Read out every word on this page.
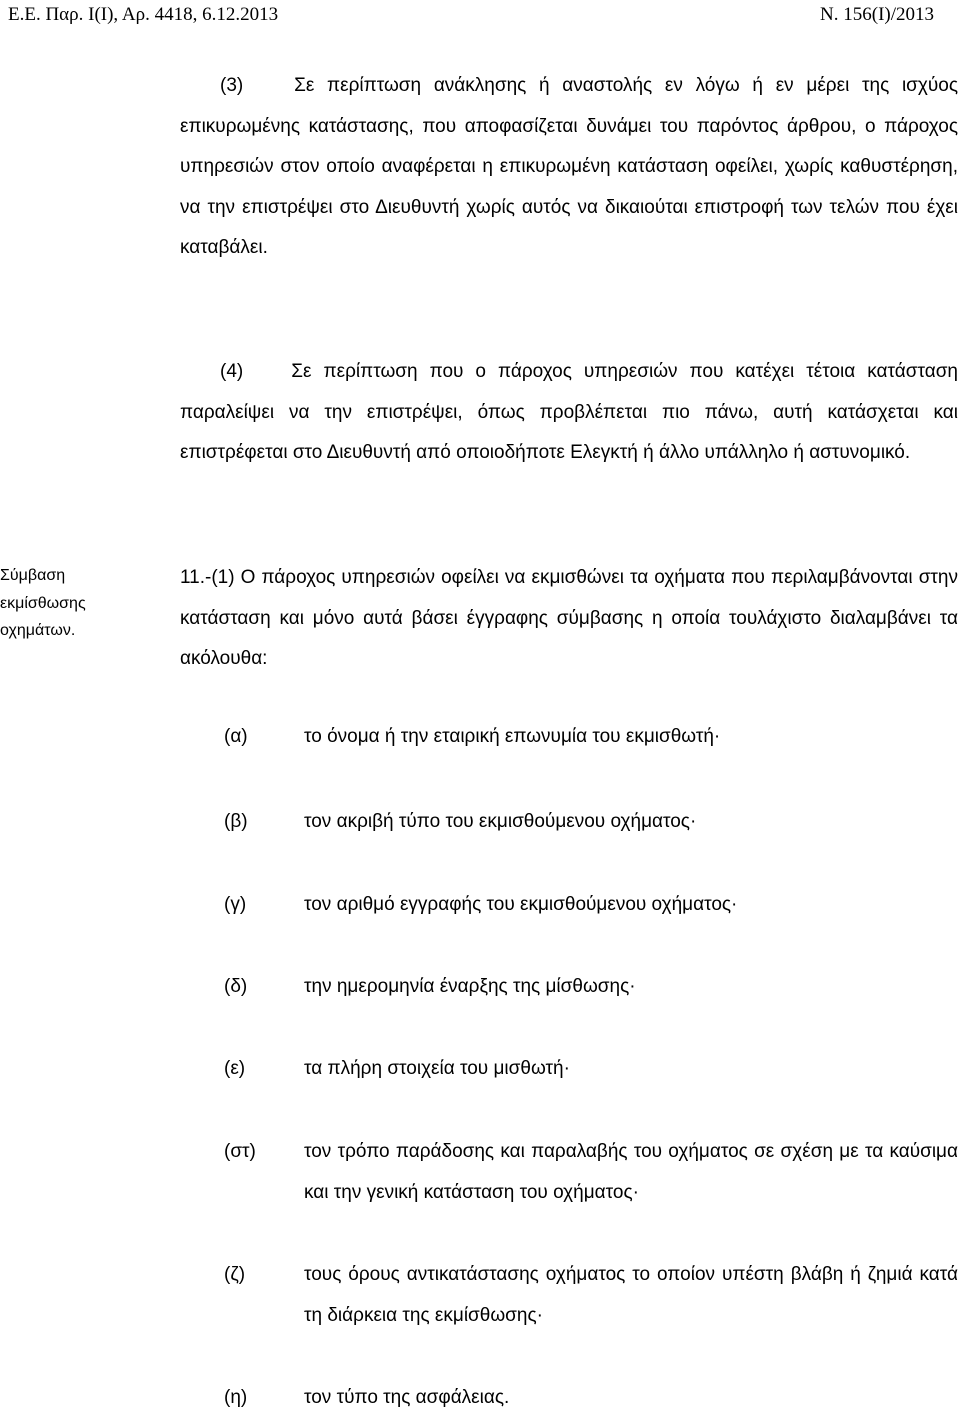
Ε.Ε. Παρ. Ι(Ι), Αρ. 4418, 6.12.2013	Ν. 156(Ι)/2013

(3)    Σε περίπτωση ανάκλησης ή αναστολής εν λόγω ή εν μέρει της ισχύος επικυρωμένης κατάστασης, που αποφασίζεται δυνάμει του παρόντος άρθρου, ο πάροχος υπηρεσιών στον οποίο αναφέρεται η επικυρωμένη κατάσταση οφείλει, χωρίς καθυστέρηση, να την επιστρέψει στο Διευθυντή χωρίς αυτός να δικαιούται επιστροφή των τελών που έχει καταβάλει.

(4)    Σε περίπτωση που ο πάροχος υπηρεσιών που κατέχει τέτοια κατάσταση παραλείψει να την επιστρέψει, όπως προβλέπεται πιο πάνω, αυτή κατάσχεται και επιστρέφεται στο Διευθυντή από οποιοδήποτε Ελεγκτή ή άλλο υπάλληλο ή αστυνομικό.

Σύμβαση εκμίσθωσης οχημάτων.

11.-(1) Ο πάροχος υπηρεσιών οφείλει να εκμισθώνει τα οχήματα που περιλαμβάνονται στην κατάσταση και μόνο αυτά βάσει έγγραφης σύμβασης η οποία τουλάχιστο διαλαμβάνει τα ακόλουθα:

(α)	το όνομα ή την εταιρική επωνυμία του εκμισθωτή·

(β)	τον ακριβή τύπο του εκμισθούμενου οχήματος·

(γ)	τον αριθμό εγγραφής του εκμισθούμενου οχήματος·

(δ)	την ημερομηνία έναρξης της μίσθωσης·

(ε)	τα πλήρη στοιχεία του μισθωτή·

(στ)	τον τρόπο παράδοσης και παραλαβής του οχήματος σε σχέση με τα καύσιμα και την γενική κατάσταση του οχήματος·

(ζ)	τους όρους αντικατάστασης οχήματος το οποίον υπέστη βλάβη ή ζημιά κατά τη διάρκεια της εκμίσθωσης·

(η)	τον τύπο της ασφάλειας.
